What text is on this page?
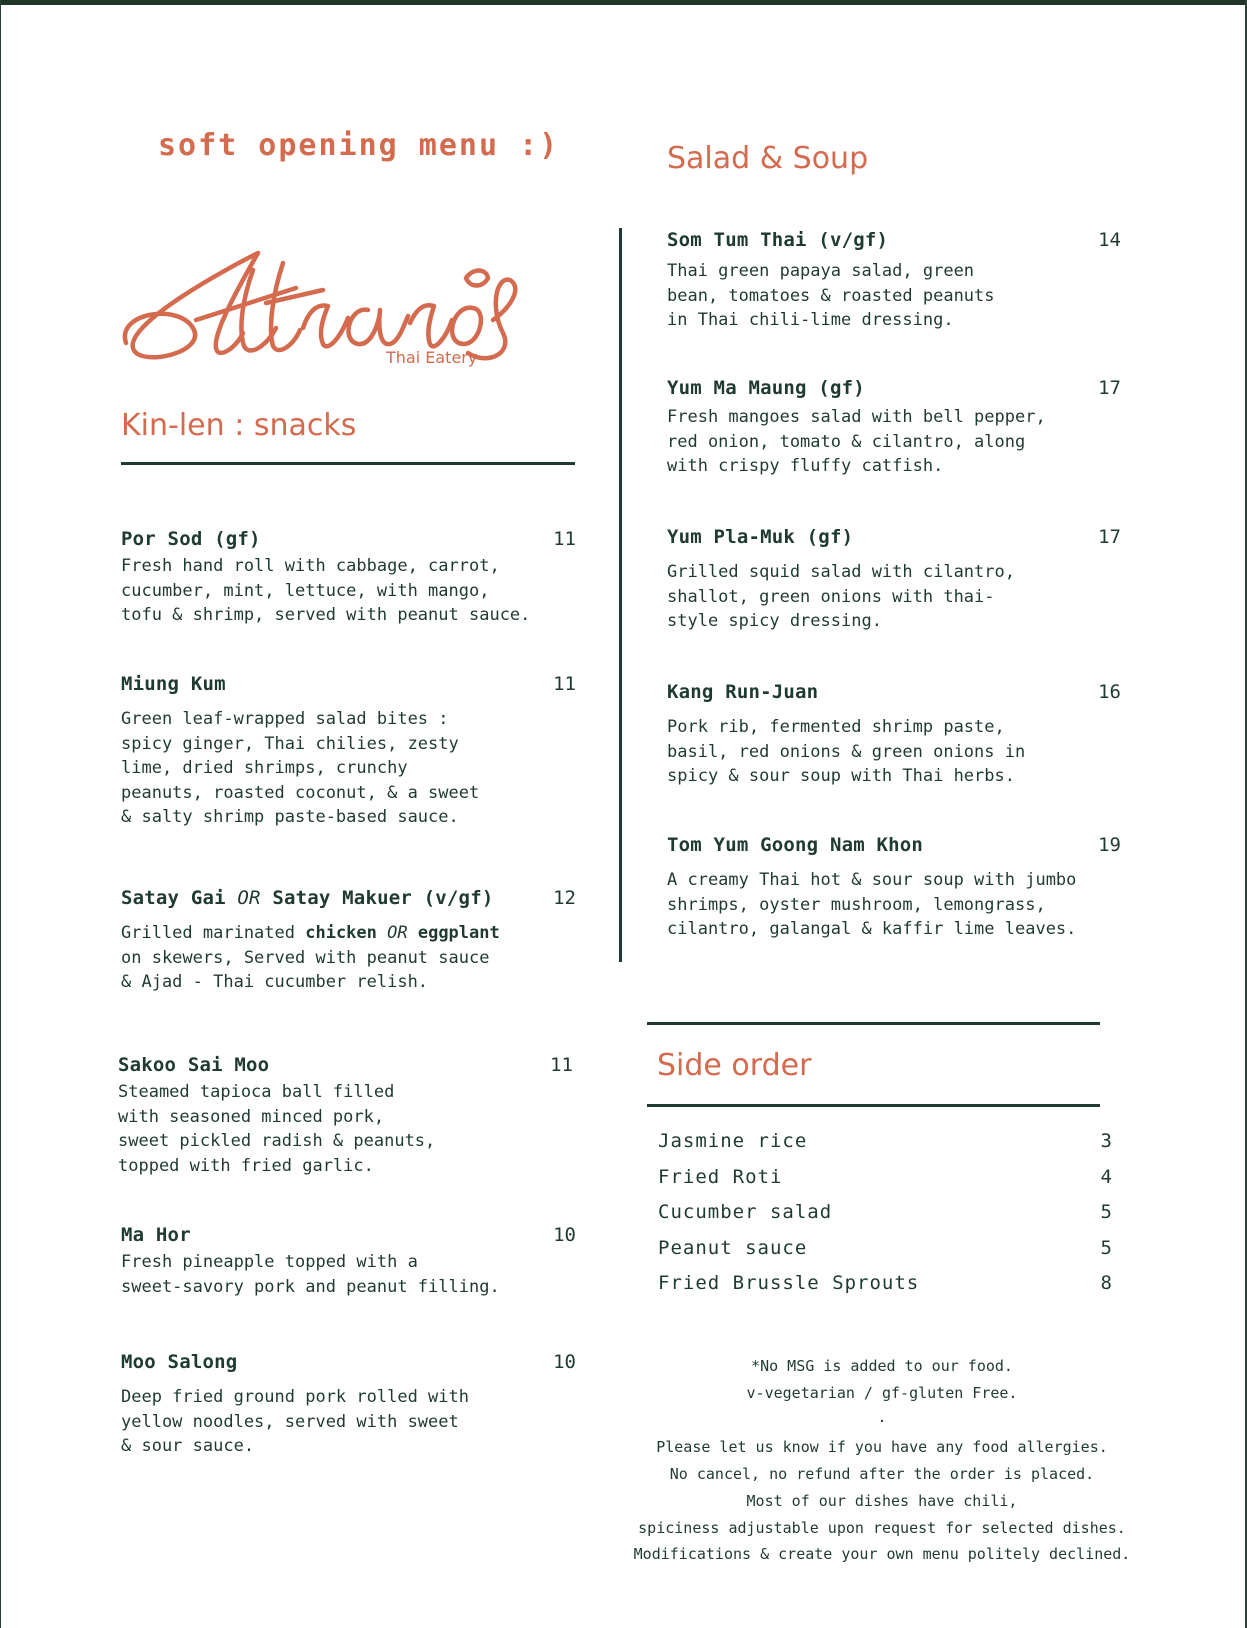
soft opening menu :)
Thai Eatery
Kin-len : snacks
Por Sod (gf)	11
Fresh hand roll with cabbage, carrot,
cucumber, mint, lettuce, with mango,
tofu & shrimp, served with peanut sauce.
Miung Kum	11
Green leaf-wrapped salad bites :
spicy ginger, Thai chilies, zesty
lime, dried shrimps, crunchy
peanuts, roasted coconut, & a sweet
& salty shrimp paste-based sauce.
Satay Gai OR Satay Makuer (v/gf)	12
Grilled marinated chicken OR eggplant
on skewers, Served with peanut sauce
& Ajad - Thai cucumber relish.
Sakoo Sai Moo	11
Steamed tapioca ball filled
with seasoned minced pork,
sweet pickled radish & peanuts,
topped with fried garlic.
Ma Hor	10
Fresh pineapple topped with a
sweet-savory pork and peanut filling.
Moo Salong	10
Deep fried ground pork rolled with
yellow noodles, served with sweet
& sour sauce.
Salad & Soup
Som Tum Thai (v/gf)	14
Thai green papaya salad, green
bean, tomatoes & roasted peanuts
in Thai chili-lime dressing.
Yum Ma Maung (gf)	17
Fresh mangoes salad with bell pepper,
red onion, tomato & cilantro, along
with crispy fluffy catfish.
Yum Pla-Muk (gf)	17
Grilled squid salad with cilantro,
shallot, green onions with thai-
style spicy dressing.
Kang Run-Juan	16
Pork rib, fermented shrimp paste,
basil, red onions & green onions in
spicy & sour soup with Thai herbs.
Tom Yum Goong Nam Khon	19
A creamy Thai hot & sour soup with jumbo
shrimps, oyster mushroom, lemongrass,
cilantro, galangal & kaffir lime leaves.
Side order
Jasmine rice	3
Fried Roti	4
Cucumber salad	5
Peanut sauce	5
Fried Brussle Sprouts	8
*No MSG is added to our food.
v-vegetarian / gf-gluten Free.
.
Please let us know if you have any food allergies.
No cancel, no refund after the order is placed.
Most of our dishes have chili,
spiciness adjustable upon request for selected dishes.
Modifications & create your own menu politely declined.
